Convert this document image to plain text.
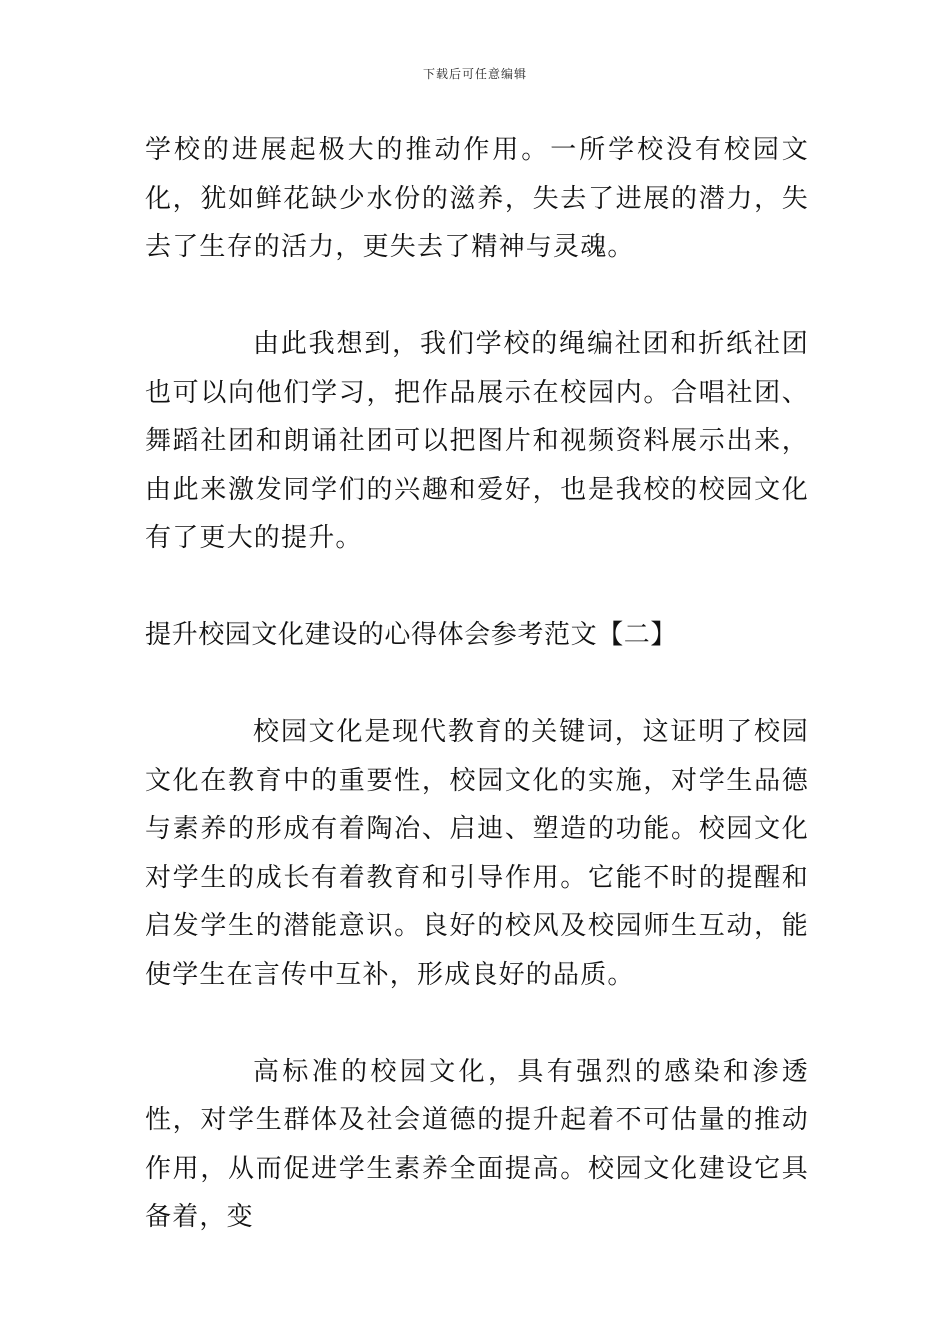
下载后可任意编辑

学校的进展起极大的推动作用。一所学校没有校园文化，犹如鲜花缺少水份的滋养，失去了进展的潜力，失去了生存的活力，更失去了精神与灵魂。

由此我想到，我们学校的绳编社团和折纸社团也可以向他们学习，把作品展示在校园内。合唱社团、舞蹈社团和朗诵社团可以把图片和视频资料展示出来，由此来激发同学们的兴趣和爱好，也是我校的校园文化有了更大的提升。

提升校园文化建设的心得体会参考范文【二】

校园文化是现代教育的关键词，这证明了校园文化在教育中的重要性，校园文化的实施，对学生品德与素养的形成有着陶冶、启迪、塑造的功能。校园文化对学生的成长有着教育和引导作用。它能不时的提醒和启发学生的潜能意识。良好的校风及校园师生互动，能使学生在言传中互补，形成良好的品质。

高标准的校园文化，具有强烈的感染和渗透性，对学生群体及社会道德的提升起着不可估量的推动作用，从而促进学生素养全面提高。校园文化建设它具备着，变
